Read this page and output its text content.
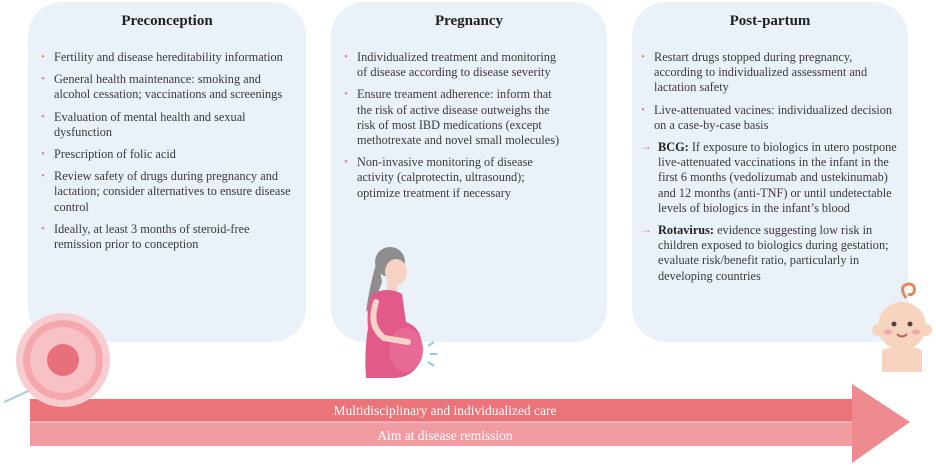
Preconception
• Fertility and disease hereditability information
• General health maintenance: smoking and alcohol cessation; vaccinations and screenings
• Evaluation of mental health and sexual dysfunction
• Prescription of folic acid
• Review safety of drugs during pregnancy and lactation; consider alternatives to ensure disease control
• Ideally, at least 3 months of steroid-free remission prior to conception
Pregnancy
• Individualized treatment and monitoring of disease according to disease severity
• Ensure treament adherence: inform that the risk of active disease outweighs the risk of most IBD medications (except methotrexate and novel small molecules)
• Non-invasive monitoring of disease activity (calprotectin, ultrasound); optimize treatment if necessary
Post-partum
• Restart drugs stopped during pregnancy, according to individualized assessment and lactation safety
• Live-attenuated vacines: individualized decision on a case-by-case basis
→ BCG: If exposure to biologics in utero postpone live-attenuated vaccinations in the infant in the first 6 months (vedolizumab and ustekinumab) and 12 months (anti-TNF) or until undetectable levels of biologics in the infant’s blood
→ Rotavirus: evidence suggesting low risk in children exposed to biologics during gestation; evaluate risk/benefit ratio, particularly in developing countries
Multidisciplinary and individualized care
Aim at disease remission
